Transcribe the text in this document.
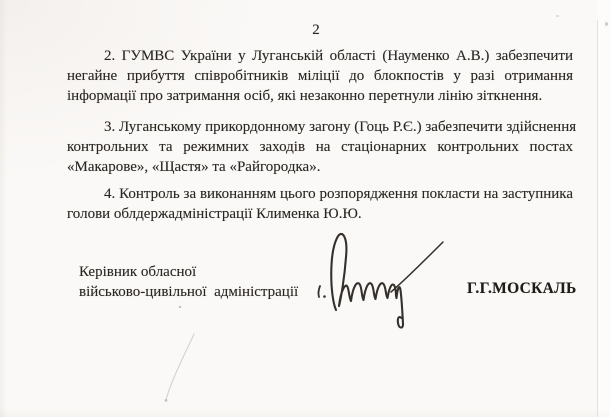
2
2. ГУМВС України у Луганській області (Науменко А.В.) забезпечити
негайне прибуття співробітників міліції до блокпостів у разі отримання
інформації про затримання осіб, які незаконно перетнули лінію зіткнення.
3. Луганському прикордонному загону (Гоць Р.Є.) забезпечити здійснення
контрольних та режимних заходів на стаціонарних контрольних постах
«Макарове», «Щастя» та «Райгородка».
4. Контроль за виконанням цього розпорядження покласти на заступника
голови облдержадміністрації Клименка Ю.Ю.
Керівник обласної
військово-цивільної  адміністрації	Г.Г.МОСКАЛЬ
